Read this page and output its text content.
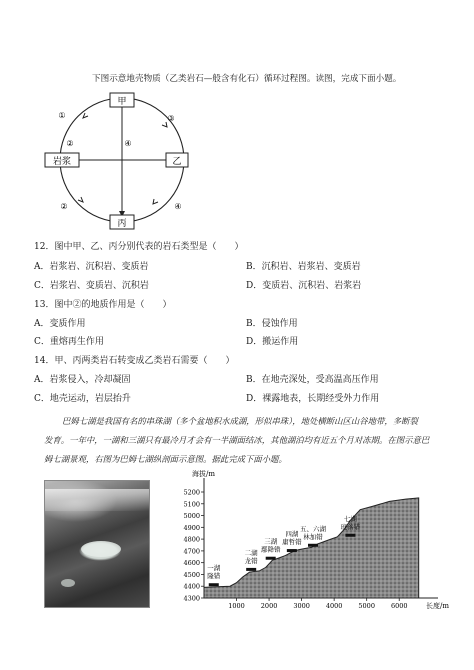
下图示意地壳物质（乙类岩石—般含有化石）循环过程图。读图，完成下面小题。
甲
岩浆	乙
丙
①	③
④
②
②	④
12．图中甲、乙、丙分别代表的岩石类型是（　　）
A．岩浆岩、沉积岩、变质岩	B．沉积岩、岩浆岩、变质岩
C．岩浆岩、变质岩、沉积岩	D．变质岩、沉积岩、岩浆岩
13．图中②的地质作用是（　　）
A．变质作用	B．侵蚀作用
C．重熔再生作用	D．搬运作用
14．甲、丙两类岩石转变成乙类岩石需要（　　）
A．岩浆侵入，冷却凝固	B．在地壳深处，受高温高压作用
C．地壳运动，岩层抬升	D．裸露地表，长期经受外力作用
巴姆七湖是我国有名的串珠湖（多个盆地积水成湖，形似串珠），地处横断山区山谷地带，多断裂
发育。一年中，一湖和三湖只有最冷月才会有一半湖面结冰，其他湖泊均有近五个月对冻期。在图示意巴
姆七湖景观，右图为巴姆七湖纵剖面示意图。据此完成下面小题。
海拔/m
长度/m
4300
4400
4500
4600
4700
4800
4900
5000
5100
5200
1000 2000 3000 4000 5000 6000
一湖
隆错
二湖
龙错
三湖
鄢降错
四湖
庸哲错
五、六湖
林加错
七湖
班落错
